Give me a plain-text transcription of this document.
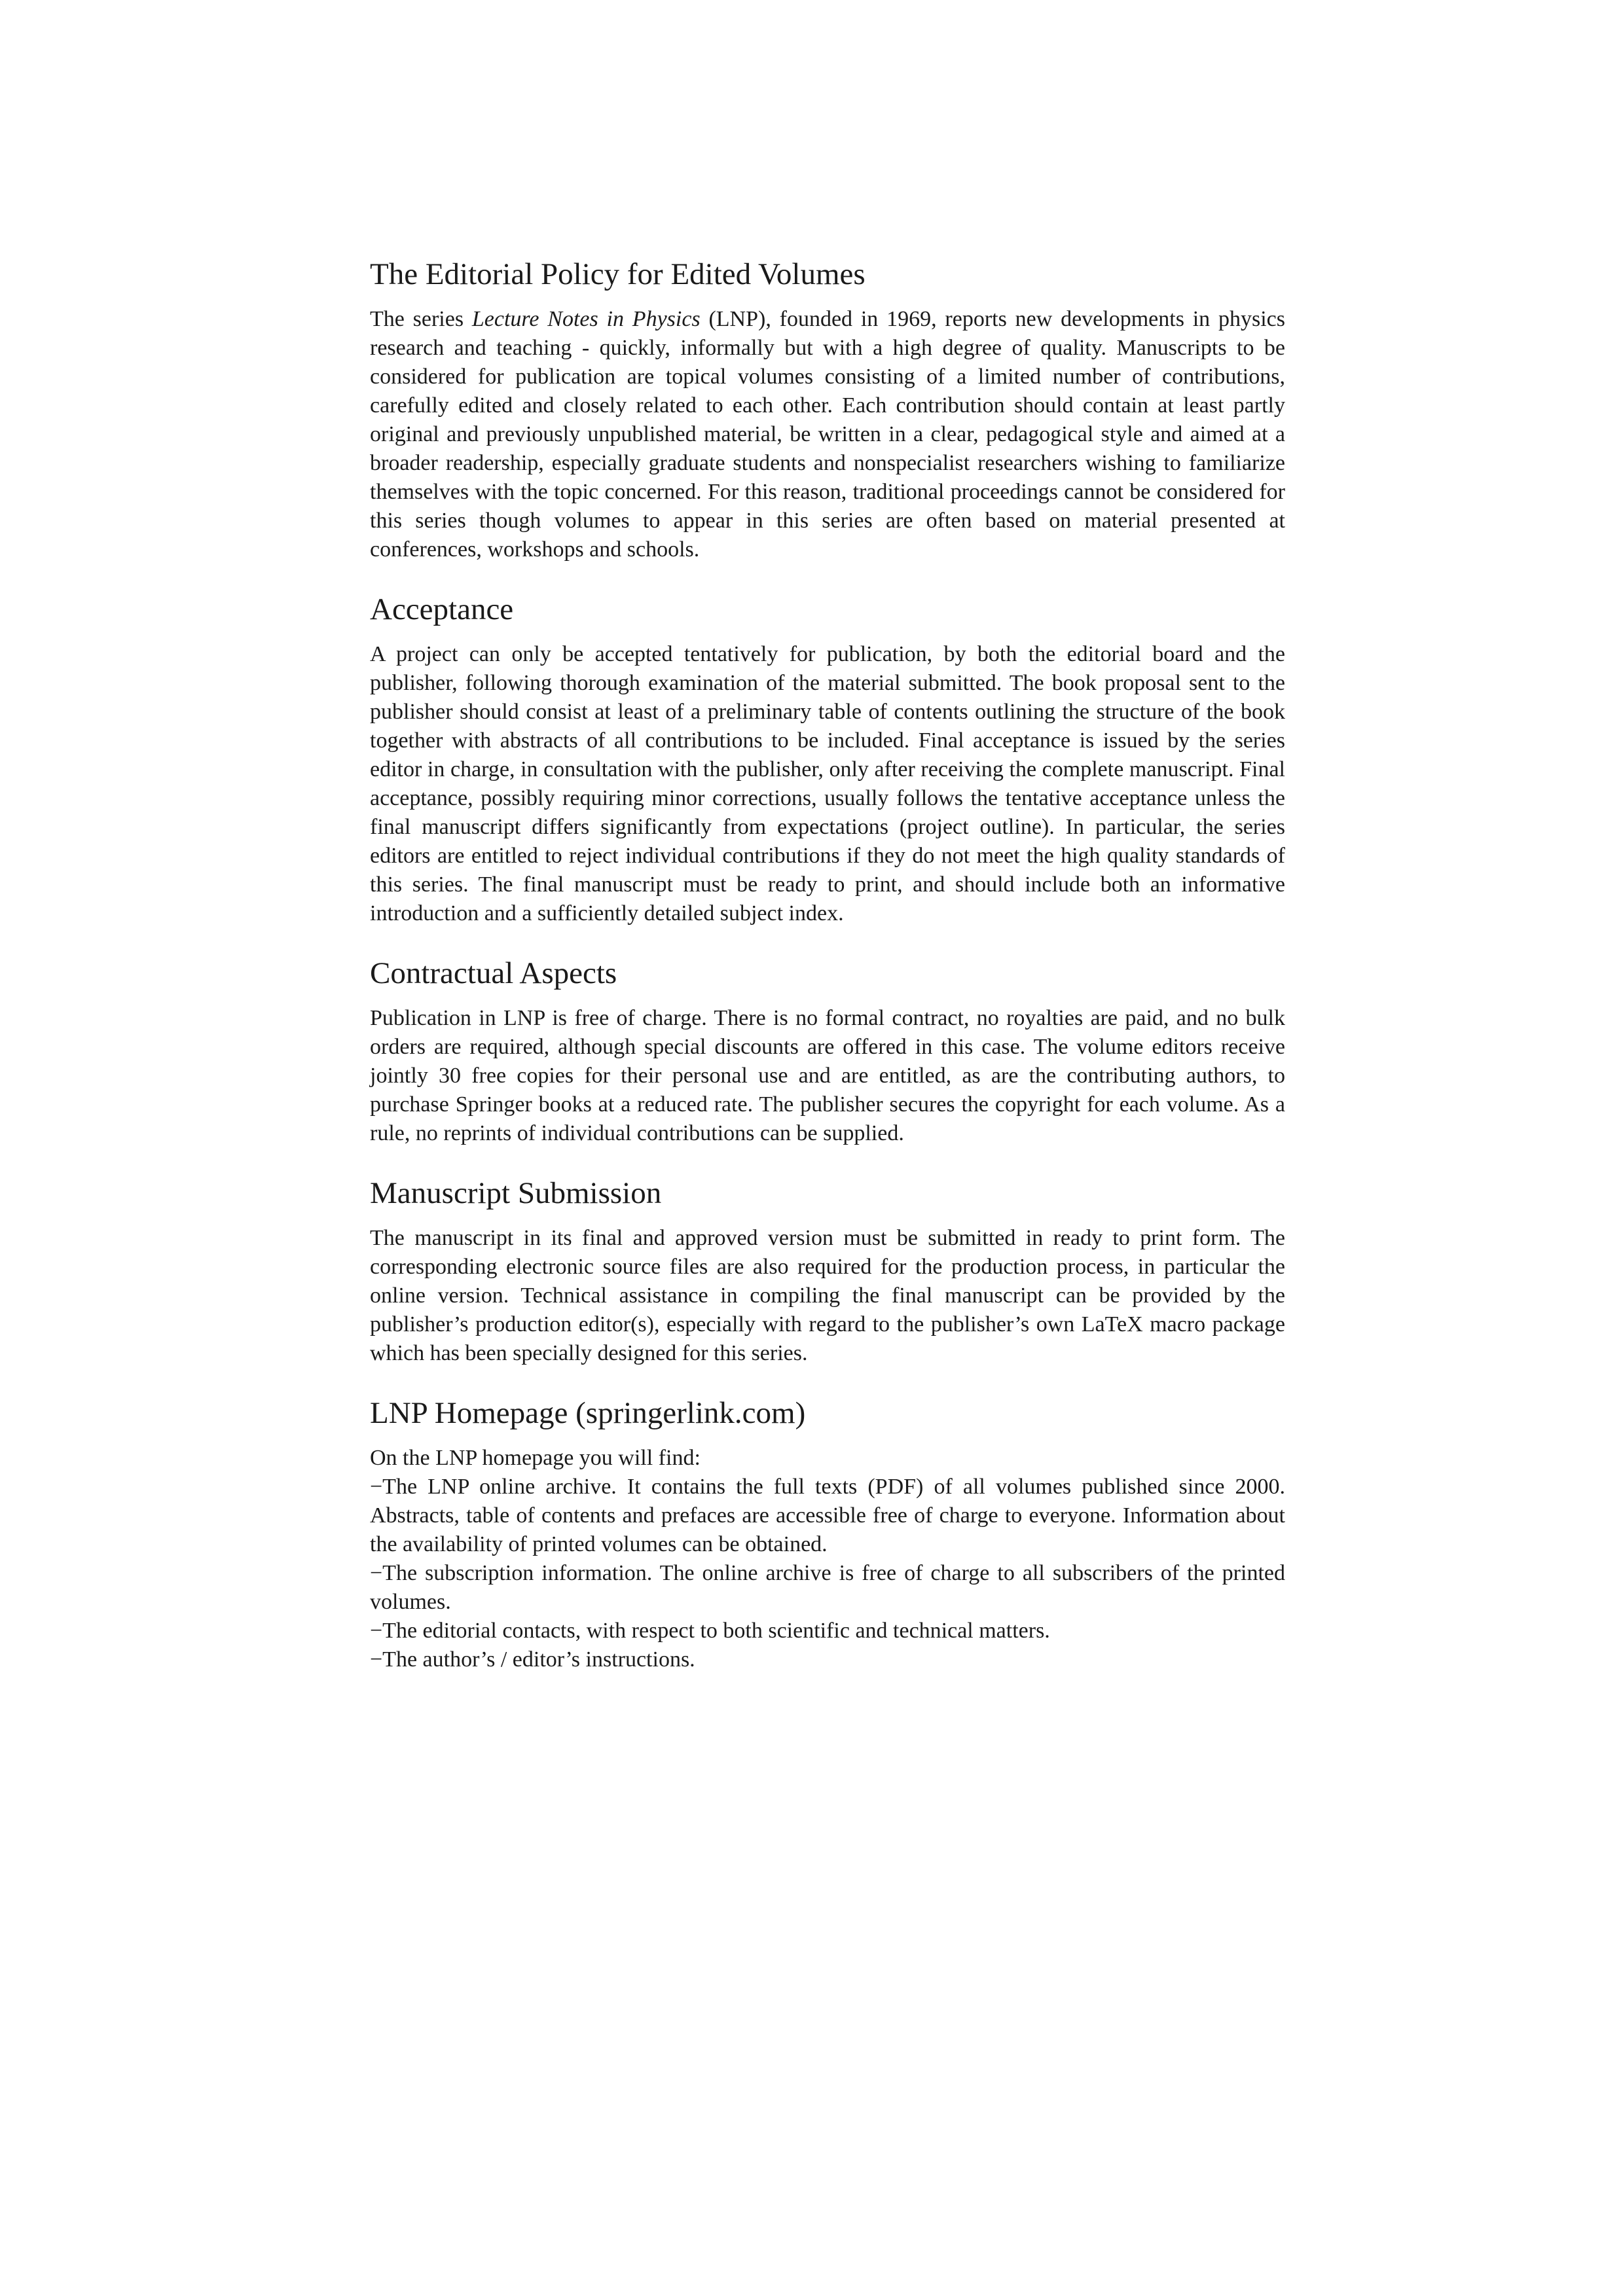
The Editorial Policy for Edited Volumes

The series Lecture Notes in Physics (LNP), founded in 1969, reports new developments in physics research and teaching - quickly, informally but with a high degree of quality. Manuscripts to be considered for publication are topical volumes consisting of a limited number of contributions, carefully edited and closely related to each other. Each contribution should contain at least partly original and previously unpublished material, be written in a clear, pedagogical style and aimed at a broader readership, especially graduate students and nonspecialist researchers wishing to familiarize themselves with the topic concerned. For this reason, traditional proceedings cannot be considered for this series though volumes to appear in this series are often based on material presented at conferences, workshops and schools.

Acceptance

A project can only be accepted tentatively for publication, by both the editorial board and the publisher, following thorough examination of the material submitted. The book proposal sent to the publisher should consist at least of a preliminary table of contents outlining the structure of the book together with abstracts of all contributions to be included. Final acceptance is issued by the series editor in charge, in consultation with the publisher, only after receiving the complete manuscript. Final acceptance, possibly requiring minor corrections, usually follows the tentative acceptance unless the final manuscript differs significantly from expectations (project outline). In particular, the series editors are entitled to reject individual contributions if they do not meet the high quality standards of this series. The final manuscript must be ready to print, and should include both an informative introduction and a sufficiently detailed subject index.

Contractual Aspects

Publication in LNP is free of charge. There is no formal contract, no royalties are paid, and no bulk orders are required, although special discounts are offered in this case. The volume editors receive jointly 30 free copies for their personal use and are entitled, as are the contributing authors, to purchase Springer books at a reduced rate. The publisher secures the copyright for each volume. As a rule, no reprints of individual contributions can be supplied.

Manuscript Submission

The manuscript in its final and approved version must be submitted in ready to print form. The corresponding electronic source files are also required for the production process, in particular the online version. Technical assistance in compiling the final manuscript can be provided by the publisher’s production editor(s), especially with regard to the publisher’s own LaTeX macro package which has been specially designed for this series.

LNP Homepage (springerlink.com)

On the LNP homepage you will find:

−The LNP online archive. It contains the full texts (PDF) of all volumes published since 2000. Abstracts, table of contents and prefaces are accessible free of charge to everyone. Information about the availability of printed volumes can be obtained.

−The subscription information. The online archive is free of charge to all subscribers of the printed volumes.

−The editorial contacts, with respect to both scientific and technical matters.

−The author’s / editor’s instructions.
